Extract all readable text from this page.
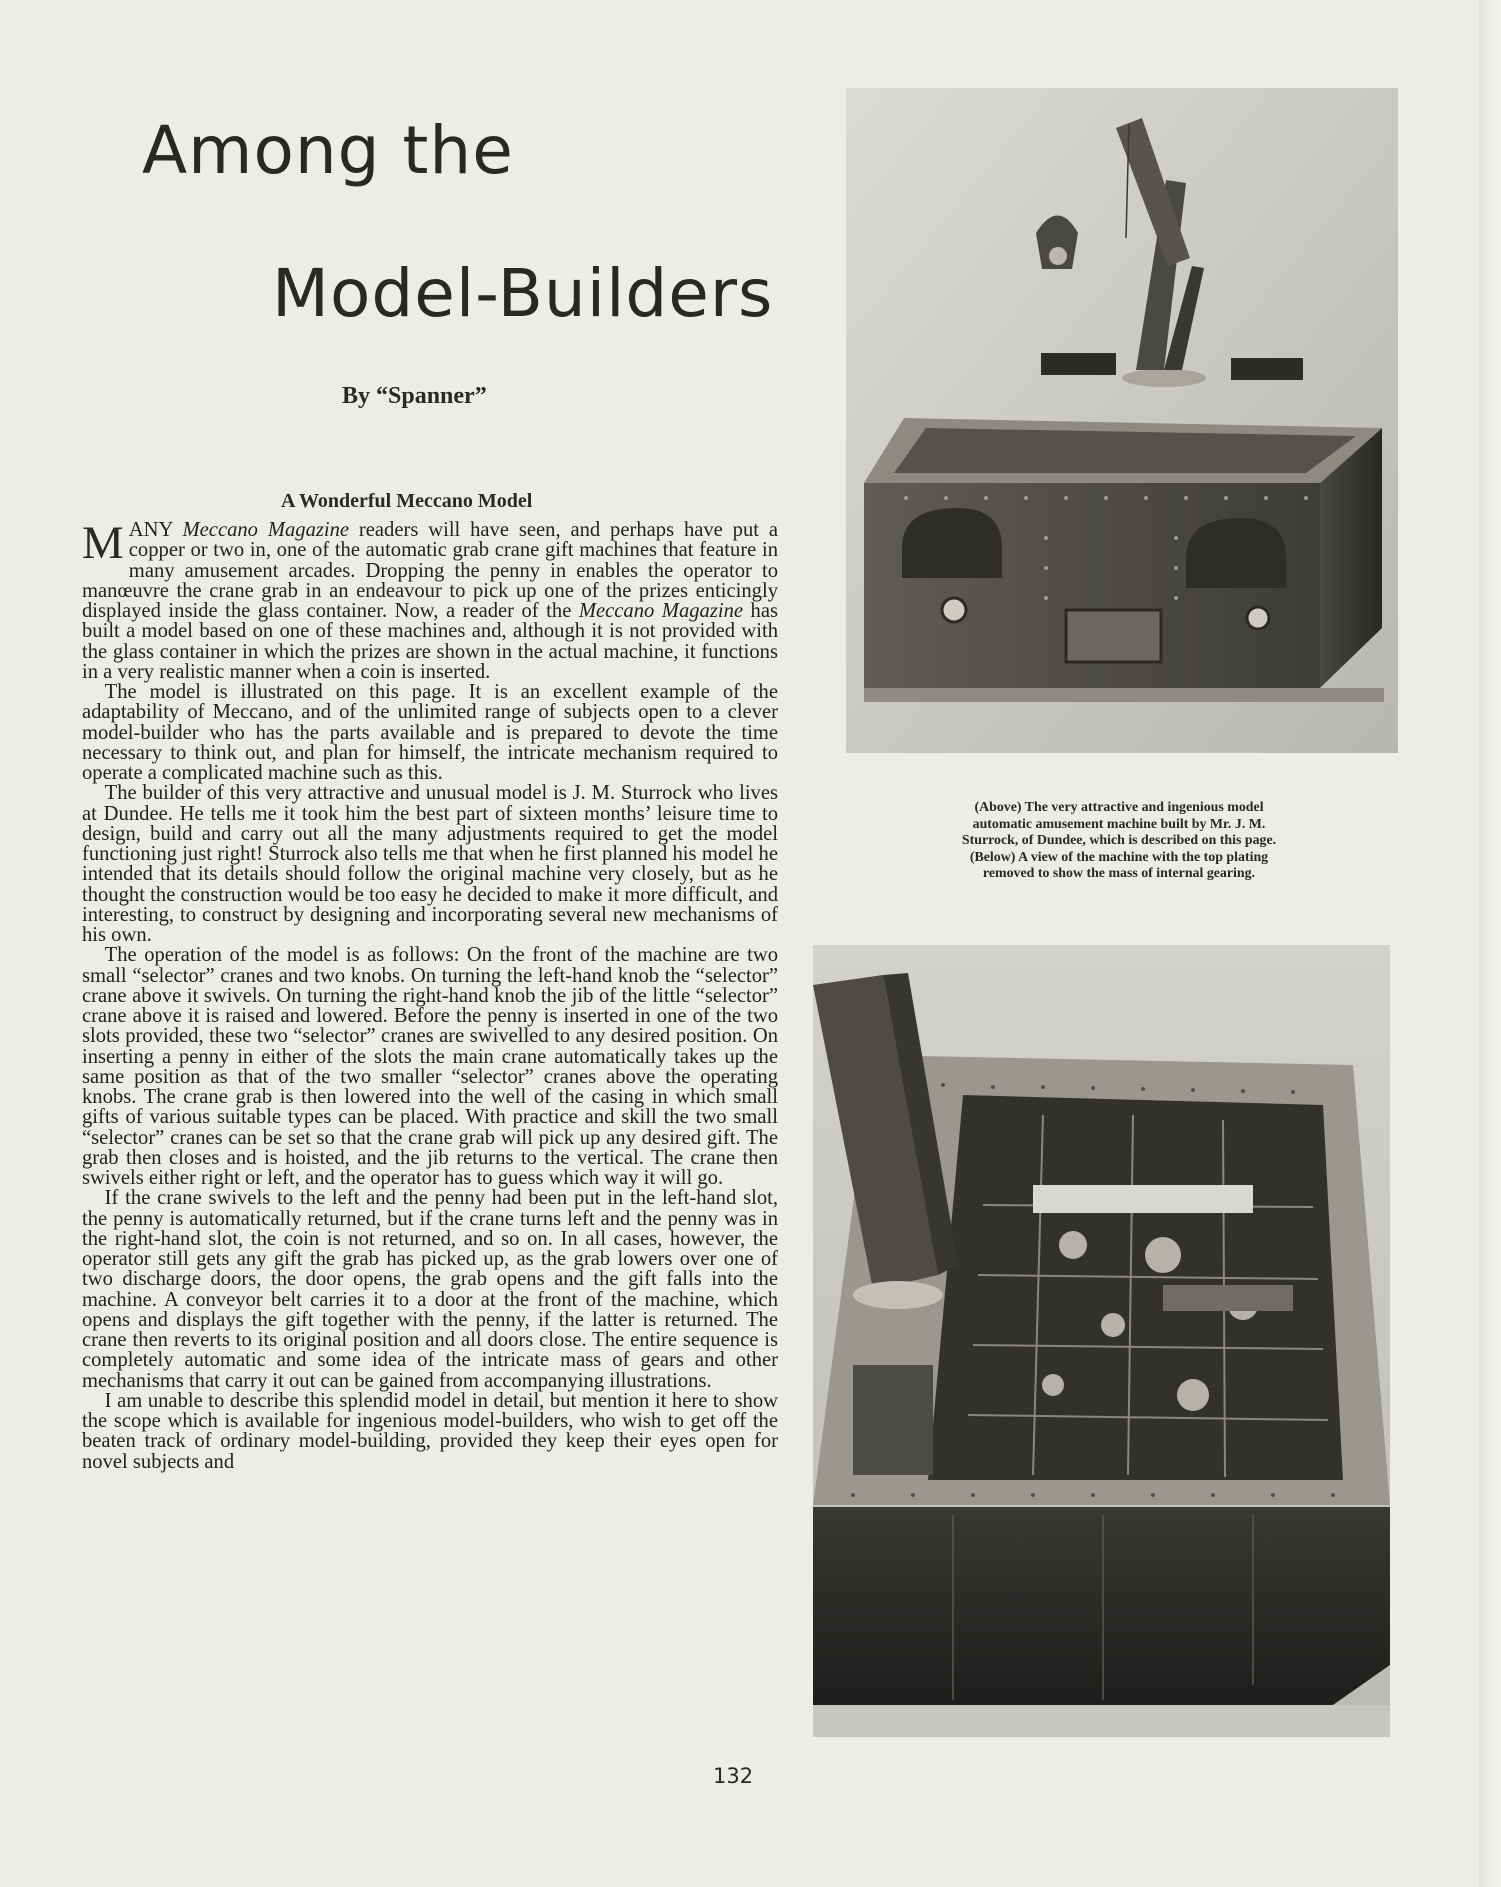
Among the
Model-Builders
By “Spanner”
A Wonderful Meccano Model

MANY Meccano Magazine readers will have seen, and perhaps have put a copper or two in, one of the automatic grab crane gift machines that feature in many amusement arcades. Dropping the penny in enables the operator to manœuvre the crane grab in an endeavour to pick up one of the prizes enticingly displayed inside the glass container. Now, a reader of the Meccano Magazine has built a model based on one of these machines and, although it is not provided with the glass container in which the prizes are shown in the actual machine, it functions in a very realistic manner when a coin is inserted.

The model is illustrated on this page. It is an excellent example of the adaptability of Meccano, and of the unlimited range of subjects open to a clever model-builder who has the parts available and is prepared to devote the time necessary to think out, and plan for himself, the intricate mechanism required to operate a complicated machine such as this.

The builder of this very attractive and unusual model is J. M. Sturrock who lives at Dundee. He tells me it took him the best part of sixteen months’ leisure time to design, build and carry out all the many adjustments required to get the model functioning just right! Sturrock also tells me that when he first planned his model he intended that its details should follow the original machine very closely, but as he thought the construction would be too easy he decided to make it more difficult, and interesting, to construct by designing and incorporating several new mechanisms of his own.

The operation of the model is as follows: On the front of the machine are two small “selector” cranes and two knobs. On turning the left-hand knob the “selector” crane above it swivels. On turning the right-hand knob the jib of the little “selector” crane above it is raised and lowered. Before the penny is inserted in one of the two slots provided, these two “selector” cranes are swivelled to any desired position. On inserting a penny in either of the slots the main crane automatically takes up the same position as that of the two smaller “selector” cranes above the operating knobs. The crane grab is then lowered into the well of the casing in which small gifts of various suitable types can be placed. With practice and skill the two small “selector” cranes can be set so that the crane grab will pick up any desired gift. The grab then closes and is hoisted, and the jib returns to the vertical. The crane then swivels either right or left, and the operator has to guess which way it will go.

If the crane swivels to the left and the penny had been put in the left-hand slot, the penny is automatically returned, but if the crane turns left and the penny was in the right-hand slot, the coin is not returned, and so on. In all cases, however, the operator still gets any gift the grab has picked up, as the grab lowers over one of two discharge doors, the door opens, the grab opens and the gift falls into the machine. A conveyor belt carries it to a door at the front of the machine, which opens and displays the gift together with the penny, if the latter is returned. The crane then reverts to its original position and all doors close. The entire sequence is completely automatic and some idea of the intricate mass of gears and other mechanisms that carry it out can be gained from accompanying illustrations.

I am unable to describe this splendid model in detail, but mention it here to show the scope which is available for ingenious model-builders, who wish to get off the beaten track of ordinary model-building, provided they keep their eyes open for novel subjects and

(Above) The very attractive and ingenious model automatic amusement machine built by Mr. J. M. Sturrock, of Dundee, which is described on this page. (Below) A view of the machine with the top plating removed to show the mass of internal gearing.
132
